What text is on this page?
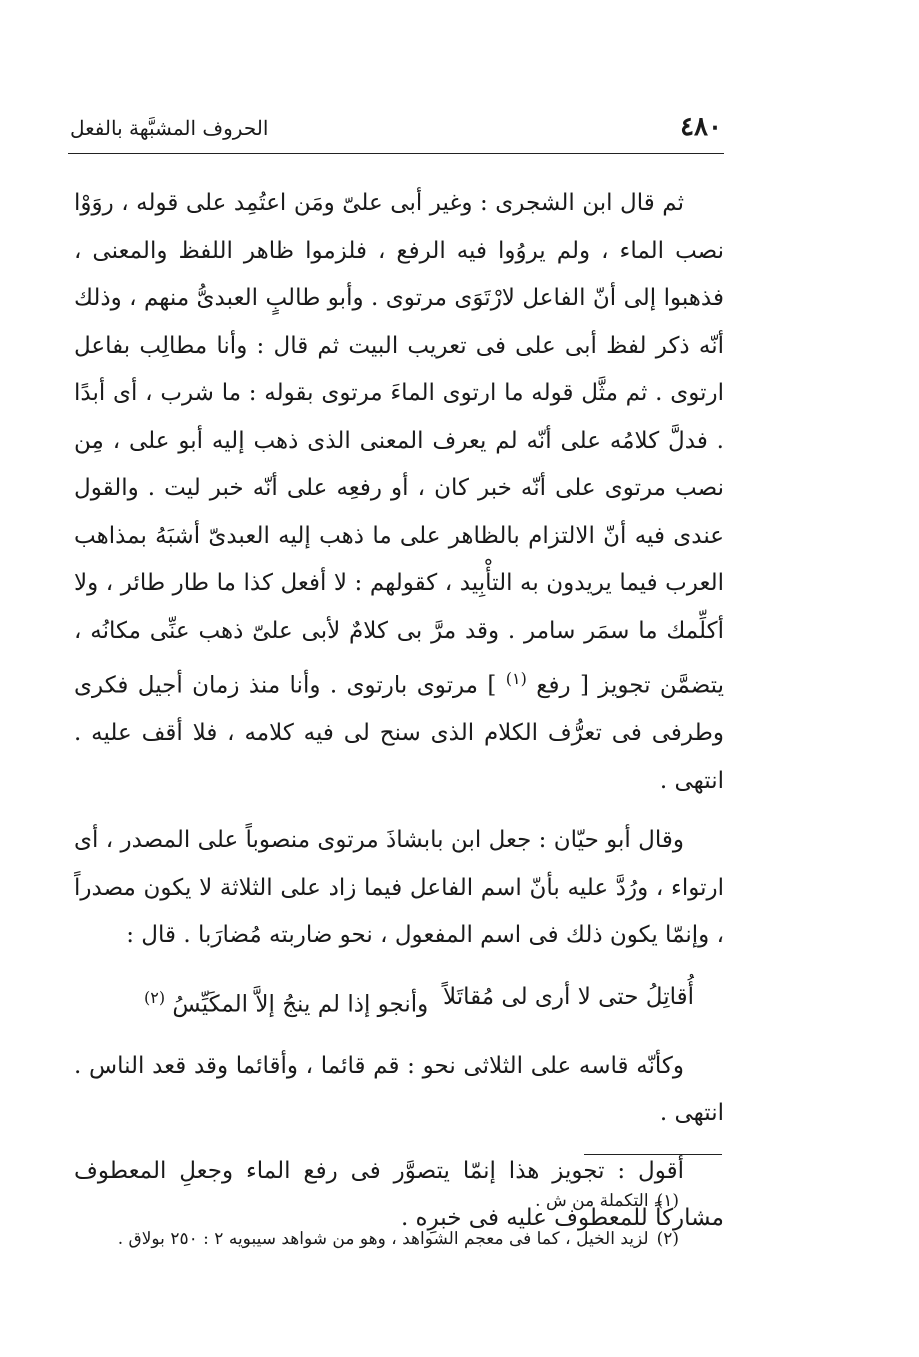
٤٨٠
الحروف المشبَّهة بالفعل

ثم قال ابن الشجرى : وغير أبى علىّ ومَن اعتُمِد على قوله ، روَوْا نصب الماء ، ولم يروُوا فيه الرفع ، فلزموا ظاهر اللفظ والمعنى ، فذهبوا إلى أنّ الفاعل لارْتَوَى مرتوى . وأبو طالبٍ العبدىُّ منهم ، وذلك أنّه ذكر لفظ أبى على فى تعريب البيت ثم قال : وأنا مطالِب بفاعل ارتوى . ثم مثَّل قوله ما ارتوى الماءَ مرتوى بقوله : ما شرب ، أى أبدًا . فدلَّ كلامُه على أنّه لم يعرف المعنى الذى ذهب إليه أبو على ، مِن نصب مرتوى على أنّه خبر كان ، أو رفعِه على أنّه خبر ليت . والقول عندى فيه أنّ الالتزام بالظاهر على ما ذهب إليه العبدىّ أشبَهُ بمذاهب العرب فيما يريدون به التأْبِيد ، كقولهم : لا أفعل كذا ما طار طائر ، ولا أكلِّمك ما سمَر سامر . وقد مرَّ بى كلامٌ لأبى علىّ ذهب عنِّى مكانُه ، يتضمَّن تجويز [ رفع $^{(١)}$ ] مرتوى بارتوى . وأنا منذ زمان أجيل فكرى وطرفى فى تعرُّف الكلام الذى سنح لى فيه كلامه ، فلا أقف عليه . انتهى .

وقال أبو حيّان : جعل ابن بابشاذَ مرتوى منصوباً على المصدر ، أى ارتواء ، ورُدَّ عليه بأنّ اسم الفاعل فيما زاد على الثلاثة لا يكون مصدراً ، وإنمّا يكون ذلك فى اسم المفعول ، نحو ضاربته مُضارَبا . قال :

أُقاتِلُ حتى لا أرى لى مُقاتَلاً
وأنجو إذا لم ينجُ إلاَّ المكَيِّسُ $^{(٢)}$

وكأنّه قاسه على الثلاثى نحو : قم قائما ، وأقائما وقد قعد الناس . انتهى .

أقول : تجويز هذا إنمّا يتصوَّر فى رفع الماء وجعلِ المعطوف مشاركاً للمعطوف عليه فى خبرِه .

(١)التكملة من ش .

(٢)لزيد الخيل ، كما فى معجم الشواهد ، وهو من شواهد سيبويه ٢ : ٢٥٠ بولاق .
